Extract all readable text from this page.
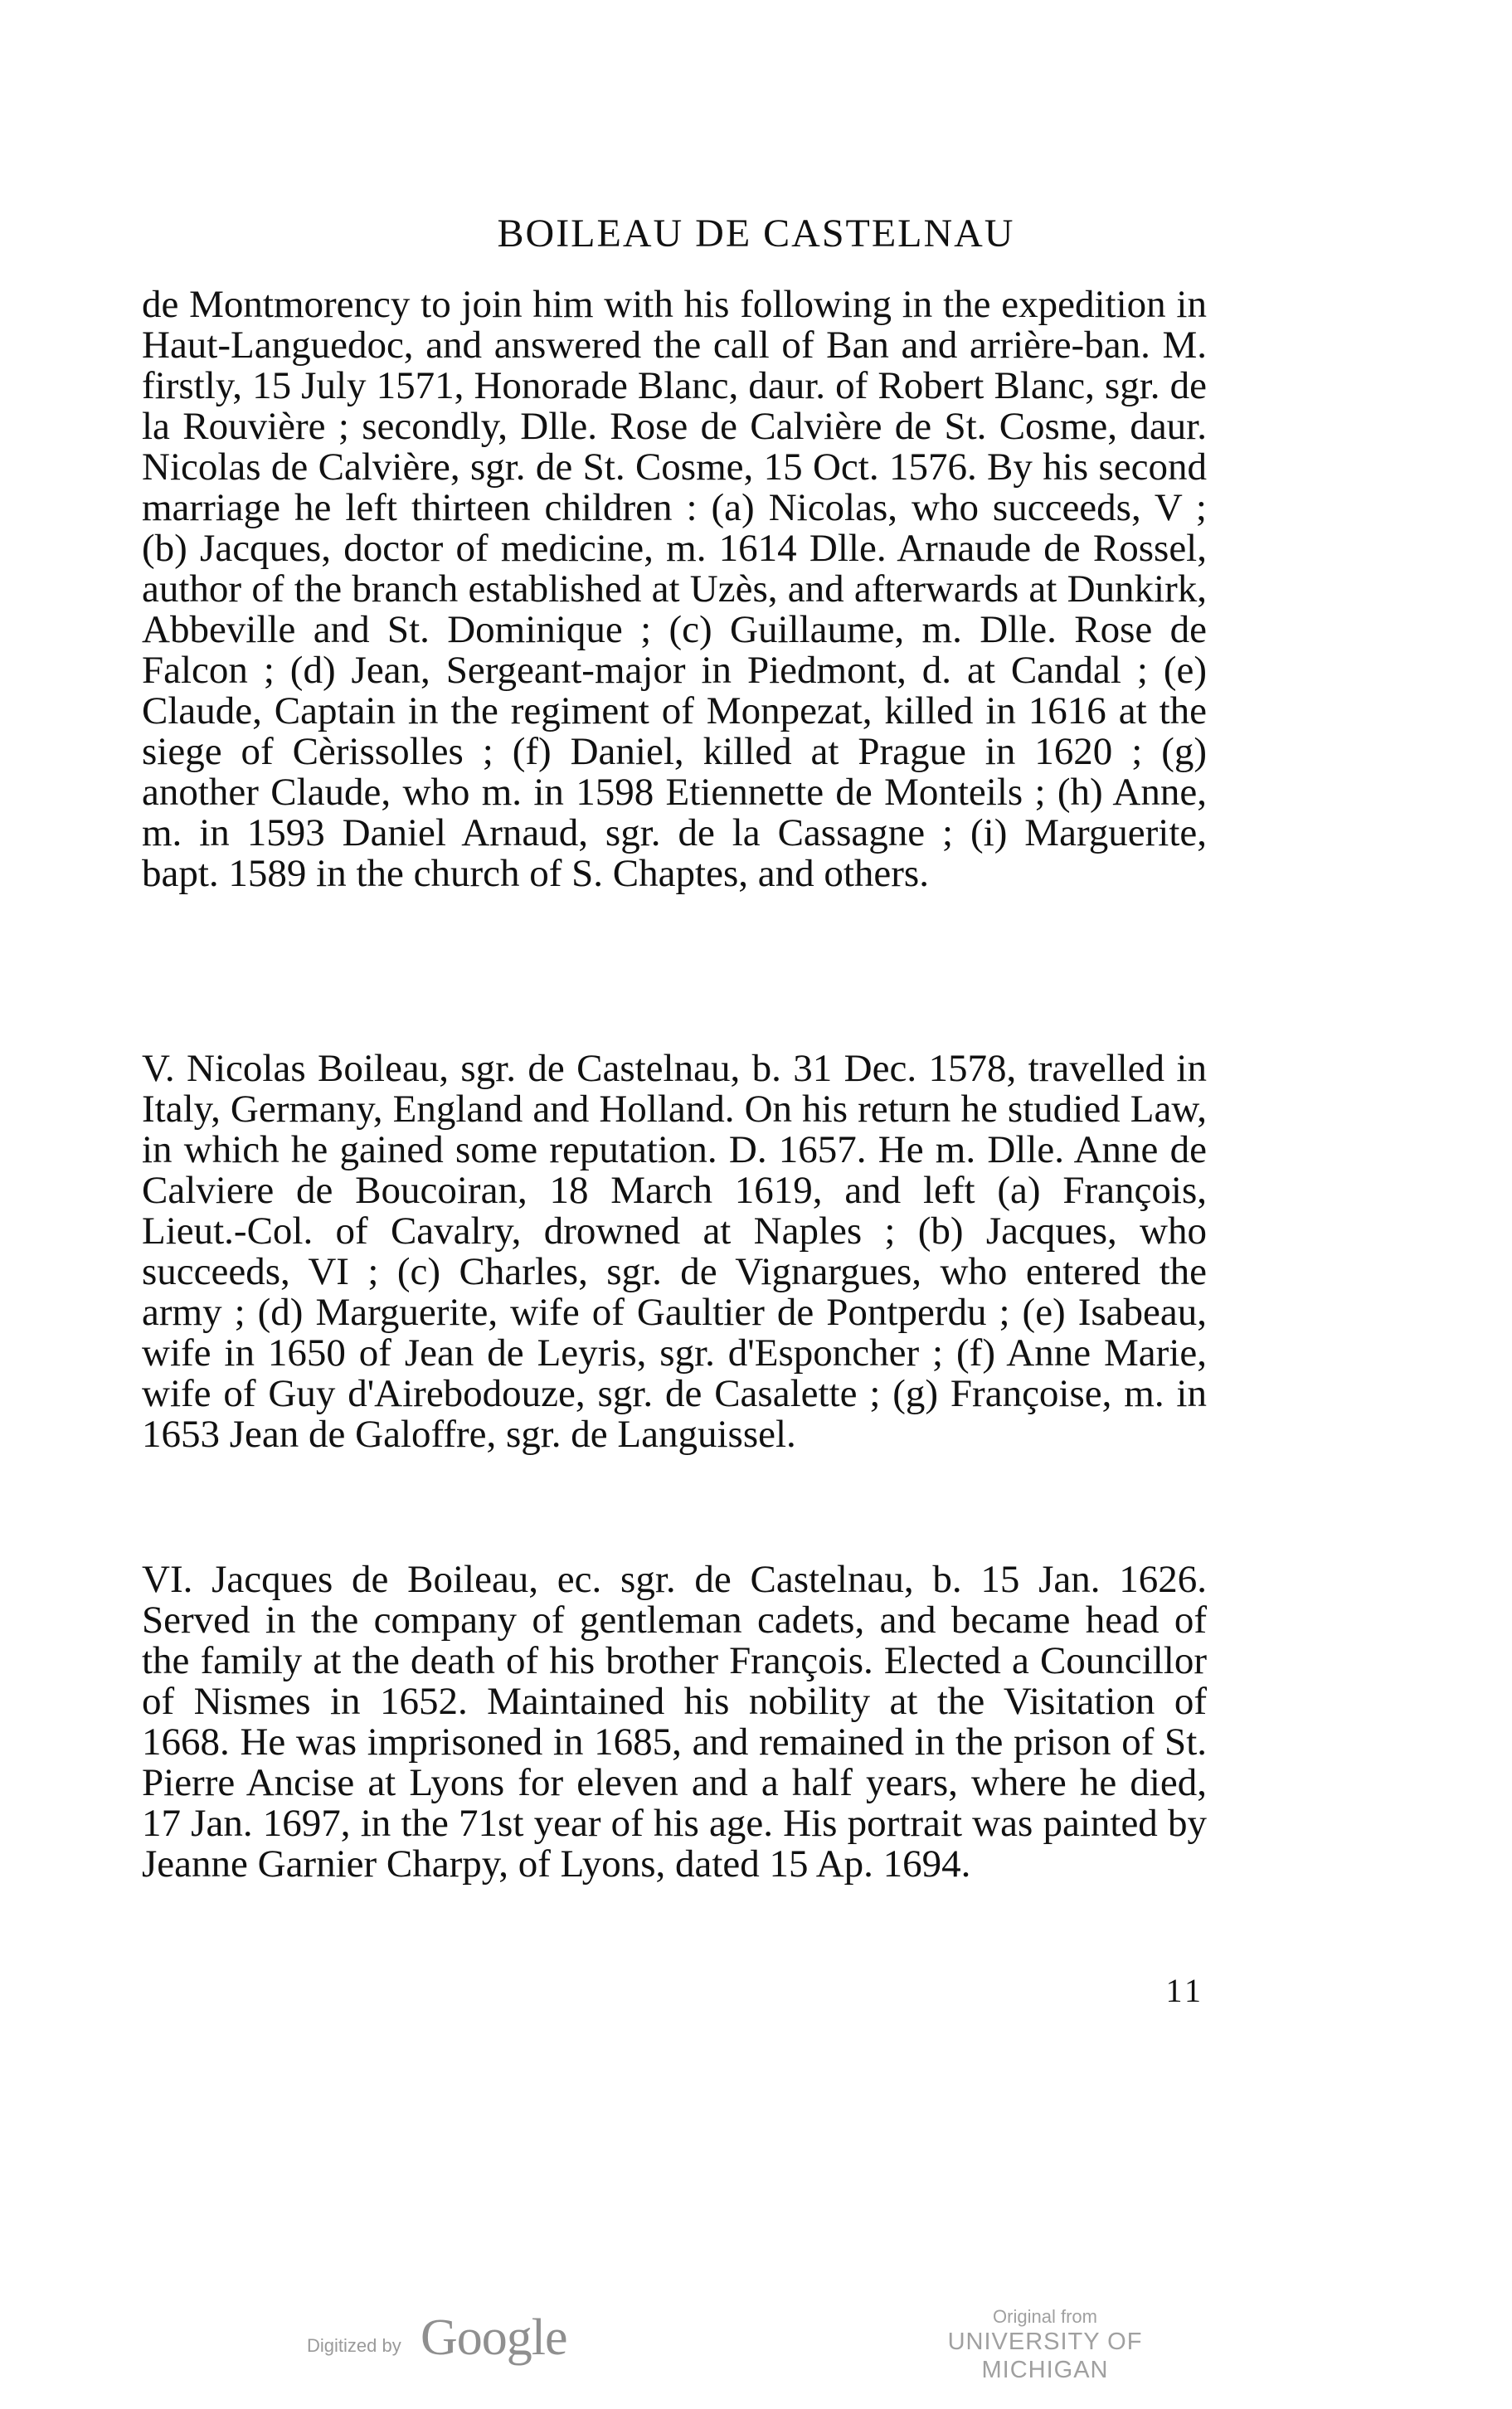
BOILEAU DE CASTELNAU
de Montmorency to join him with his following in the expedition in Haut-Languedoc, and answered the call of Ban and arrière-ban. M. firstly, 15 July 1571, Honorade Blanc, daur. of Robert Blanc, sgr. de la Rouvière ; secondly, Dlle. Rose de Calvière de St. Cosme, daur. Nicolas de Calvière, sgr. de St. Cosme, 15 Oct. 1576. By his second marriage he left thirteen children : (a) Nicolas, who succeeds, V ; (b) Jacques, doctor of medicine, m. 1614 Dlle. Arnaude de Rossel, author of the branch established at Uzès, and afterwards at Dunkirk, Abbeville and St. Dominique ; (c) Guillaume, m. Dlle. Rose de Falcon ; (d) Jean, Sergeant-major in Piedmont, d. at Candal ; (e) Claude, Captain in the regiment of Monpezat, killed in 1616 at the siege of Cèrissolles ; (f) Daniel, killed at Prague in 1620 ; (g) another Claude, who m. in 1598 Etiennette de Monteils ; (h) Anne, m. in 1593 Daniel Arnaud, sgr. de la Cassagne ; (i) Marguerite, bapt. 1589 in the church of S. Chaptes, and others.
V. Nicolas Boileau, sgr. de Castelnau, b. 31 Dec. 1578, travelled in Italy, Germany, England and Holland. On his return he studied Law, in which he gained some reputation. D. 1657. He m. Dlle. Anne de Calviere de Boucoiran, 18 March 1619, and left (a) François, Lieut.-Col. of Cavalry, drowned at Naples ; (b) Jacques, who succeeds, VI ; (c) Charles, sgr. de Vignargues, who entered the army ; (d) Marguerite, wife of Gaultier de Pontperdu ; (e) Isabeau, wife in 1650 of Jean de Leyris, sgr. d'Esponcher ; (f) Anne Marie, wife of Guy d'Airebodouze, sgr. de Casalette ; (g) Françoise, m. in 1653 Jean de Galoffre, sgr. de Languissel.
VI. Jacques de Boileau, ec. sgr. de Castelnau, b. 15 Jan. 1626. Served in the company of gentleman cadets, and became head of the family at the death of his brother François. Elected a Councillor of Nismes in 1652. Maintained his nobility at the Visitation of 1668. He was imprisoned in 1685, and remained in the prison of St. Pierre Ancise at Lyons for eleven and a half years, where he died, 17 Jan. 1697, in the 71st year of his age. His portrait was painted by Jeanne Garnier Charpy, of Lyons, dated 15 Ap. 1694.
11
Digitized by Google	Original from
UNIVERSITY OF MICHIGAN
